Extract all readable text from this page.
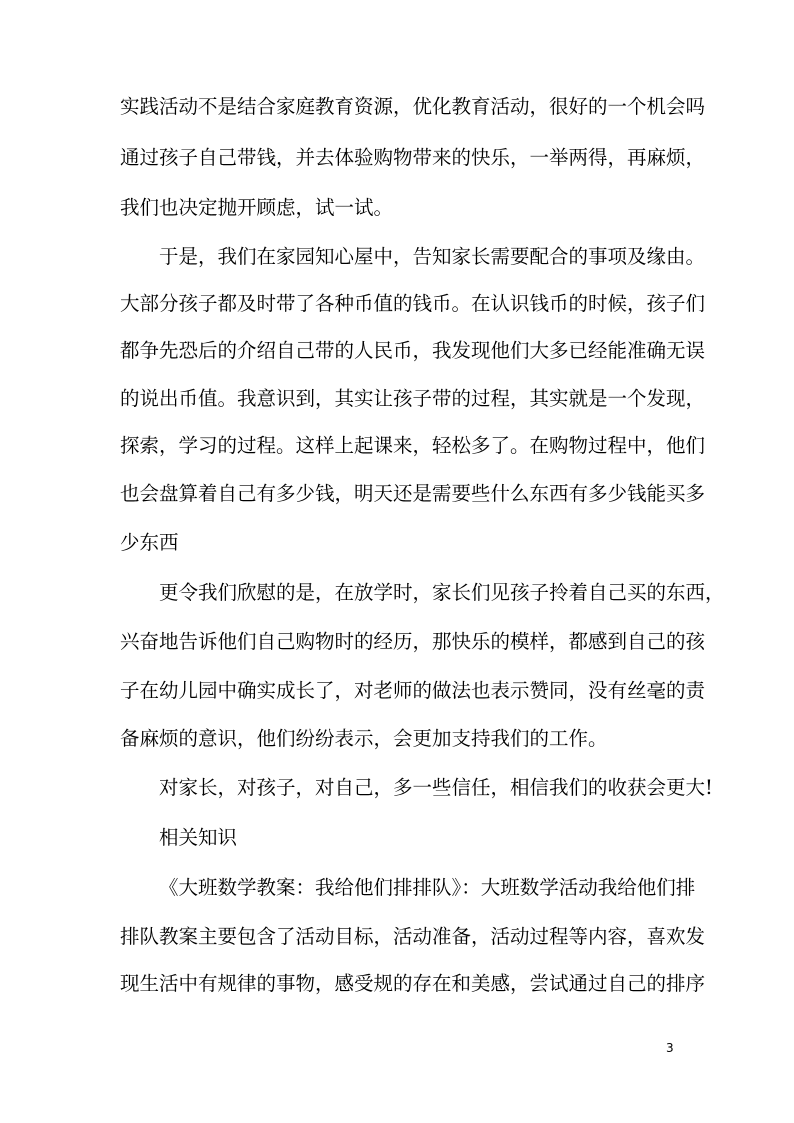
实践活动不是结合家庭教育资源，优化教育活动，很好的一个机会吗
通过孩子自己带钱，并去体验购物带来的快乐，一举两得，再麻烦，
我们也决定抛开顾虑，试一试。
于是，我们在家园知心屋中，告知家长需要配合的事项及缘由。
大部分孩子都及时带了各种币值的钱币。在认识钱币的时候，孩子们
都争先恐后的介绍自己带的人民币，我发现他们大多已经能准确无误
的说出币值。我意识到，其实让孩子带的过程，其实就是一个发现，
探索，学习的过程。这样上起课来，轻松多了。在购物过程中，他们
也会盘算着自己有多少钱，明天还是需要些什么东西有多少钱能买多
少东西
更令我们欣慰的是，在放学时，家长们见孩子拎着自己买的东西，
兴奋地告诉他们自己购物时的经历，那快乐的模样，都感到自己的孩
子在幼儿园中确实成长了，对老师的做法也表示赞同，没有丝毫的责
备麻烦的意识，他们纷纷表示，会更加支持我们的工作。
对家长，对孩子，对自己，多一些信任，相信我们的收获会更大!
相关知识
《大班数学教案：我给他们排排队》：大班数学活动我给他们排
排队教案主要包含了活动目标，活动准备，活动过程等内容，喜欢发
现生活中有规律的事物，感受规的存在和美感，尝试通过自己的排序
3
